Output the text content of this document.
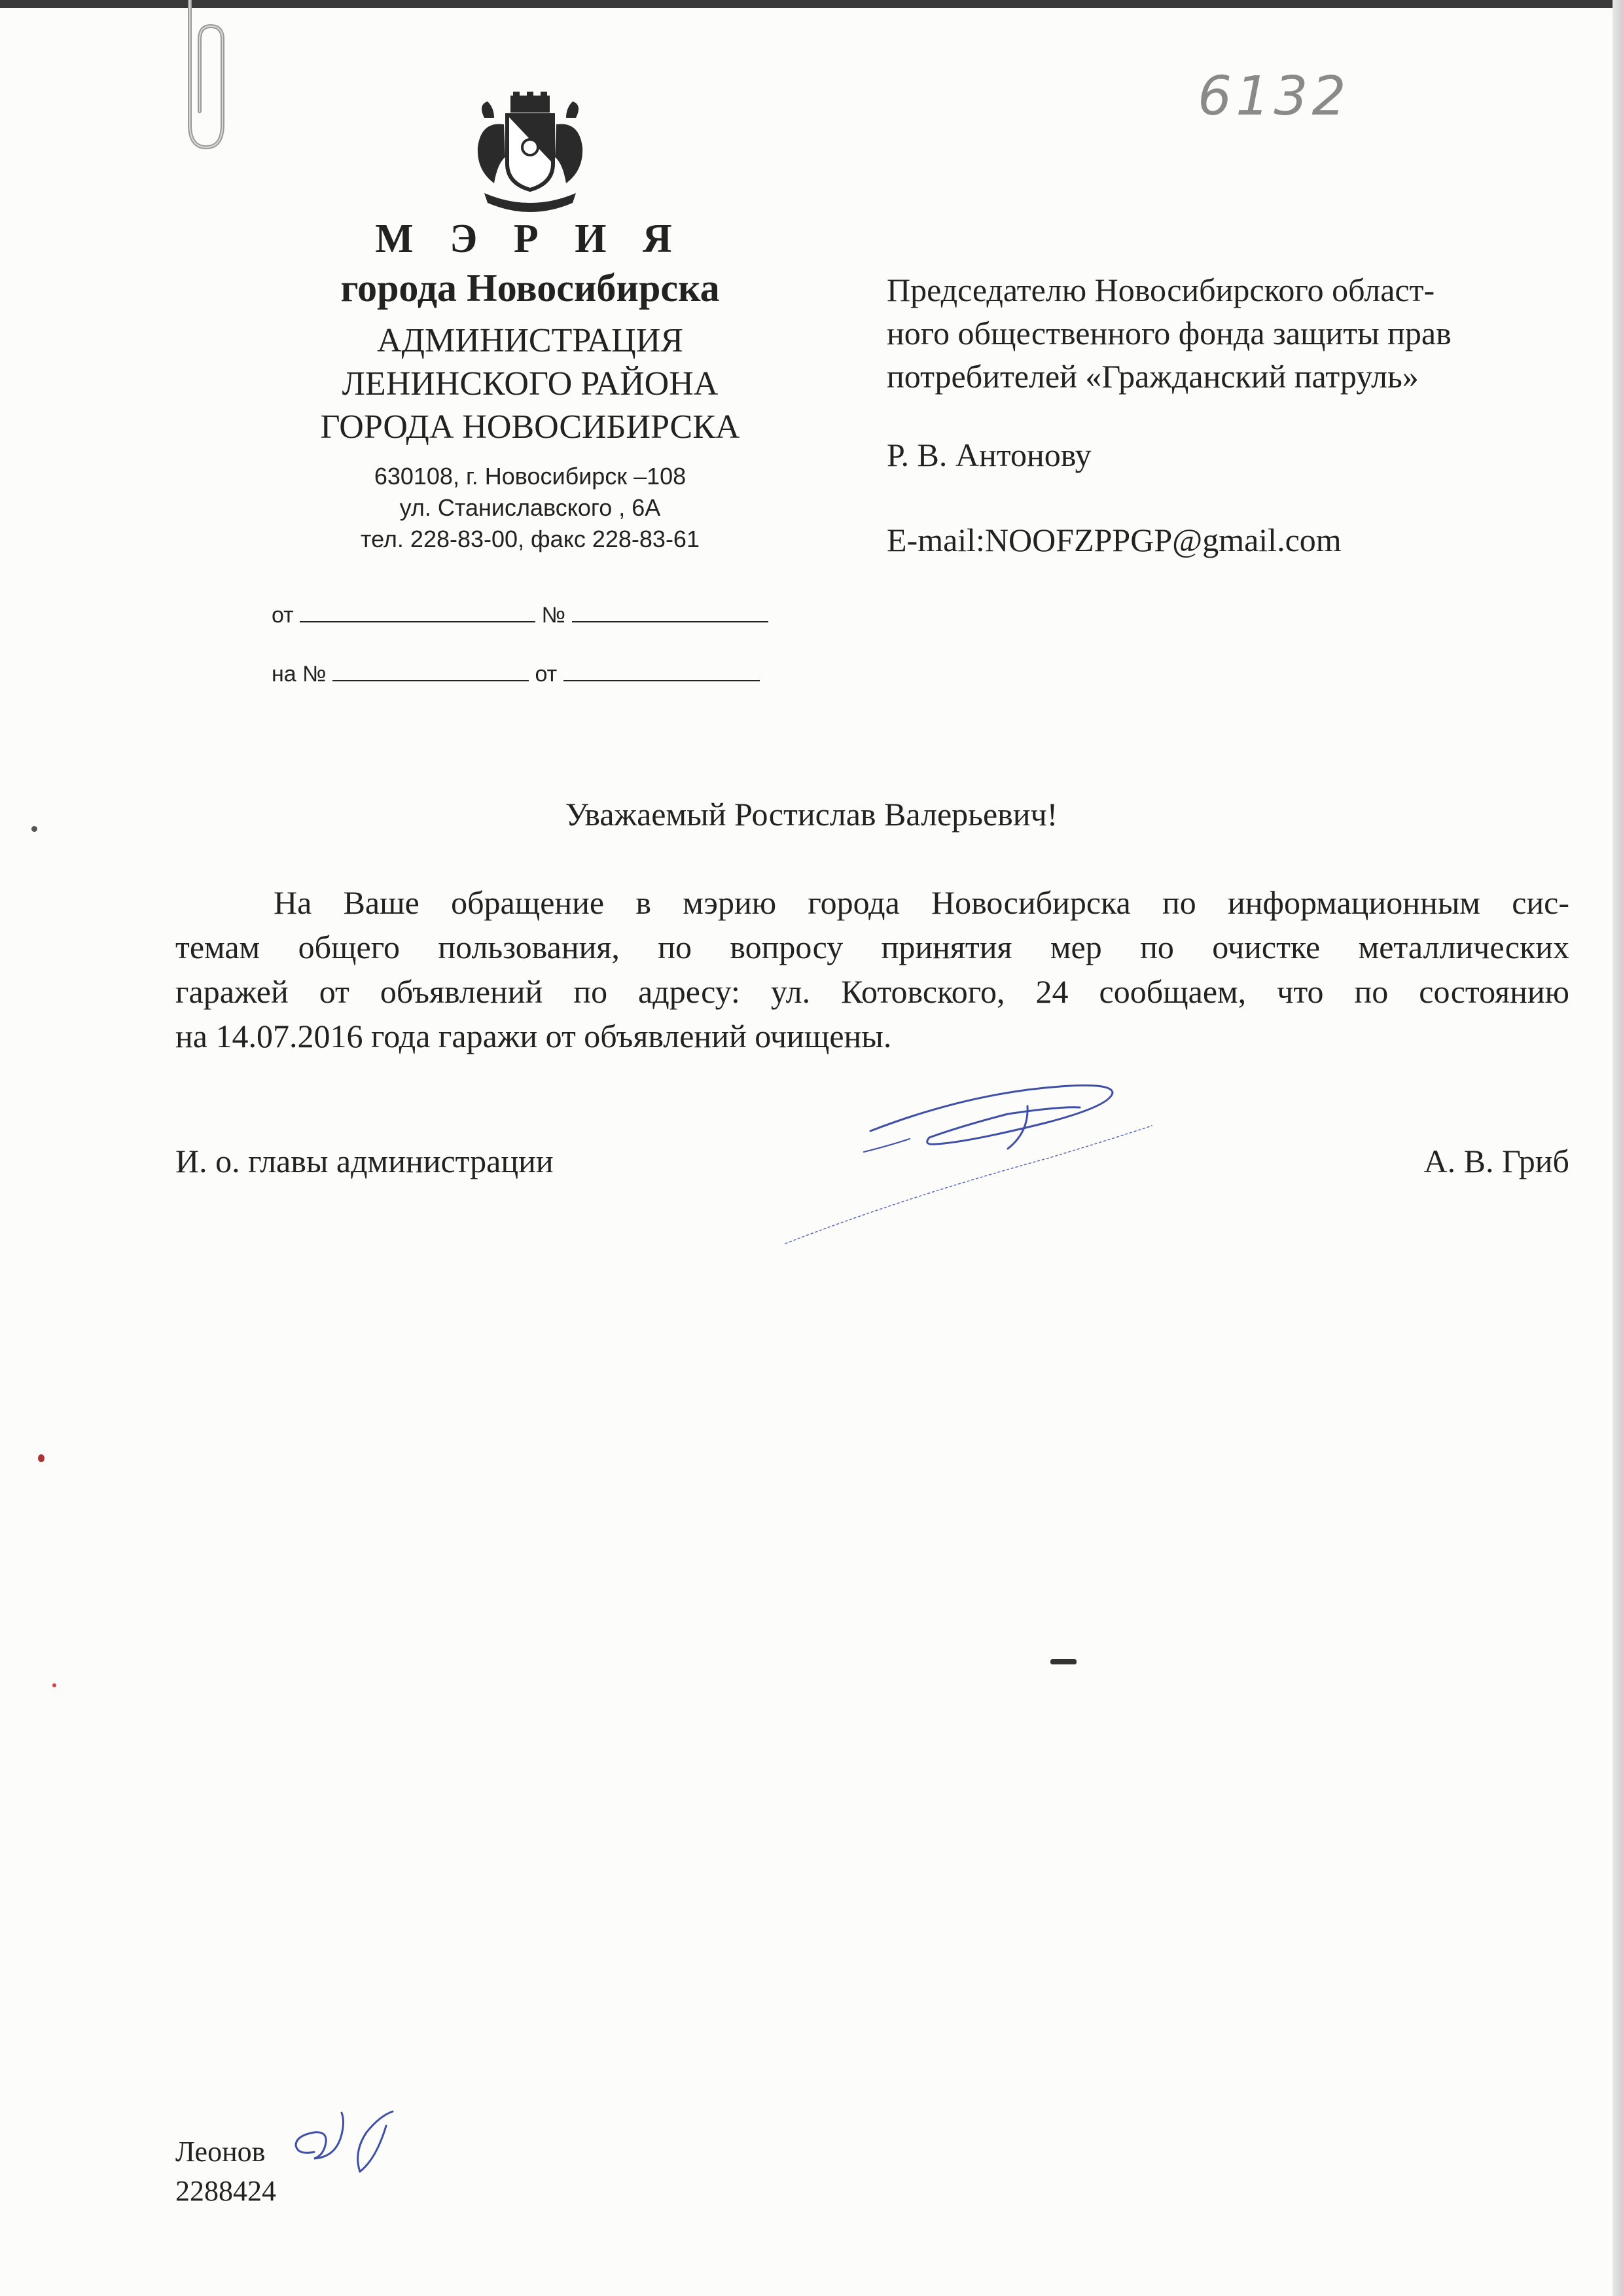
6132
М Э Р И Я
города Новосибирска
АДМИНИСТРАЦИЯ
ЛЕНИНСКОГО РАЙОНА
ГОРОДА НОВОСИБИРСКА
630108, г. Новосибирск –108
ул. Станиславского , 6А
тел. 228-83-00, факс 228-83-61
от	№
на №	от
Председателю Новосибирского област-
ного общественного фонда защиты прав
потребителей «Гражданский патруль»
Р. В. Антонову
E-mail:NOOFZPPGP@gmail.com
Уважаемый Ростислав Валерьевич!
На Ваше обращение в мэрию города Новосибирска по информационным сис-
темам общего пользования, по вопросу принятия мер по очистке металлических
гаражей от объявлений по адресу: ул. Котовского, 24 сообщаем, что по состоянию
на 14.07.2016 года гаражи от объявлений очищены.
И. о. главы администрации	А. В. Гриб
Леонов
2288424
